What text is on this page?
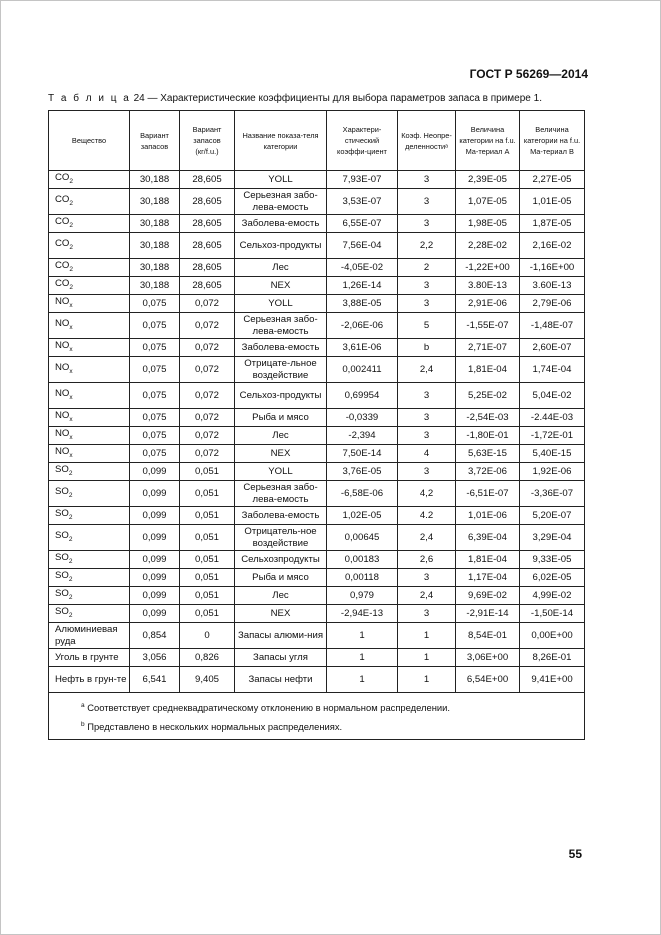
ГОСТ Р 56269—2014
Т а б л и ц а 24 — Характеристические коэффициенты для выбора параметров запаса в примере 1.
Вещество	Вариант запасов	Вариант запасов (кг/f.u.)	Название показа-теля категории	Характери-стический коэффи-циент	Коэф. Неопре-деленностиᵃ	Величина категории на f.u. Ма-териал А	Величина категории на f.u. Ма-териал В
$CO_2$	30,188	28,605	YOLL	7,93E-07	3	2,39E-05	2,27E-05
$CO_2$	30,188	28,605	Серьезная забо-лева-емость	3,53E-07	3	1,07E-05	1,01E-05
$CO_2$	30,188	28,605	Заболева-емость	6,55E-07	3	1,98E-05	1,87E-05
$CO_2$	30,188	28,605	Сельхоз-продукты	7,56E-04	2,2	2,28E-02	2,16E-02
$CO_2$	30,188	28,605	Лес	-4,05E-02	2	-1,22E+00	-1,16E+00
$CO_2$	30,188	28,605	NEX	1,26E-14	3	3.80E-13	3.60E-13
$NO_x$	0,075	0,072	YOLL	3,88E-05	3	2,91E-06	2,79E-06
$NO_x$	0,075	0,072	Серьезная забо-лева-емость	-2,06E-06	5	-1,55E-07	-1,48E-07
$NO_x$	0,075	0,072	Заболева-емость	3,61E-06	b	2,71E-07	2,60E-07
$NO_x$	0,075	0,072	Отрицате-льное воздействие	0,002411	2,4	1,81E-04	1,74E-04
$NO_x$	0,075	0,072	Сельхоз-продукты	0,69954	3	5,25E-02	5,04E-02
$NO_x$	0,075	0,072	Рыба и мясо	-0,0339	3	-2,54E-03	-2.44E-03
$NO_x$	0,075	0,072	Лес	-2,394	3	-1,80E-01	-1,72E-01
$NO_x$	0,075	0,072	NEX	7,50E-14	4	5,63E-15	5,40E-15
$SO_2$	0,099	0,051	YOLL	3,76E-05	3	3,72E-06	1,92E-06
$SO_2$	0,099	0,051	Серьезная забо-лева-емость	-6,58E-06	4,2	-6,51E-07	-3,36E-07
$SO_2$	0,099	0,051	Заболева-емость	1,02E-05	4.2	1,01E-06	5,20E-07
$SO_2$	0,099	0,051	Отрицатель-ное воздействие	0,00645	2,4	6,39E-04	3,29E-04
$SO_2$	0,099	0,051	Сельхозпродукты	0,00183	2,6	1,81E-04	9,33E-05
$SO_2$	0,099	0,051	Рыба и мясо	0,00118	3	1,17E-04	6,02E-05
$SO_2$	0,099	0,051	Лес	0,979	2,4	9,69E-02	4,99E-02
$SO_2$	0,099	0,051	NEX	-2,94E-13	3	-2,91E-14	-1,50E-14
Алюминиевая руда	0,854	0	Запасы алюми-ния	1	1	8,54E-01	0,00E+00
Уголь в грунте	3,056	0,826	Запасы угля	1	1	3,06E+00	8,26E-01
Нефть в грун-те	6,541	9,405	Запасы нефти	1	1	6,54E+00	9,41E+00

$^a$ Соответствует среднеквадратическому отклонению в нормальном распределении.
$^b$ Представлено в нескольких нормальных распределениях.							
55
